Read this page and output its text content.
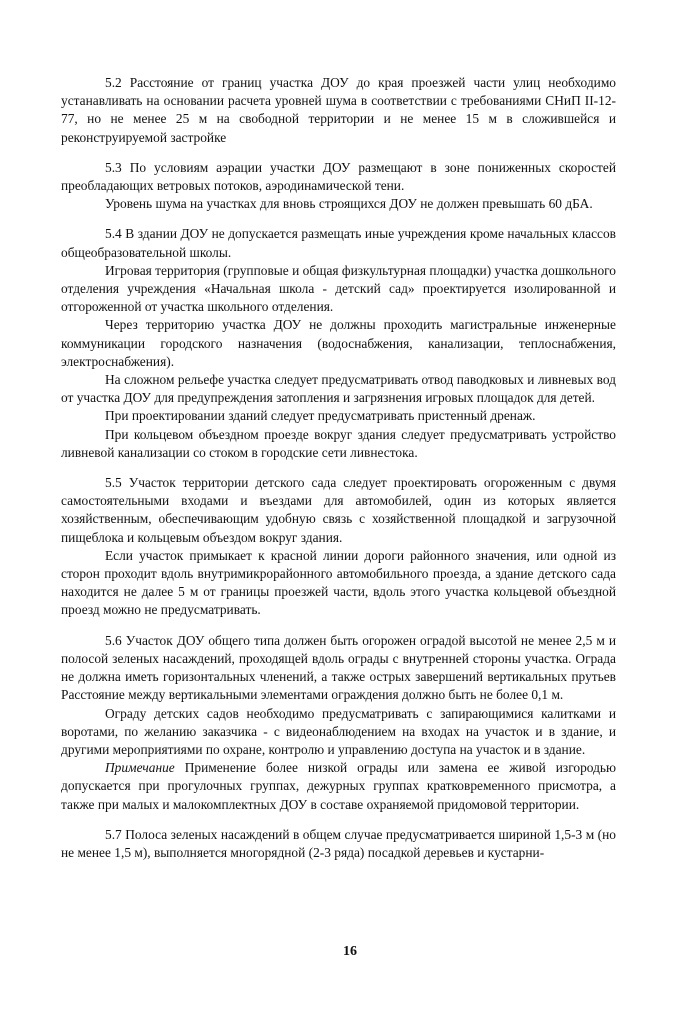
5.2 Расстояние от границ участка ДОУ до края проезжей части улиц необходимо устанавливать на основании расчета уровней шума в соответствии с требованиями СНиП II-12-77, но не менее 25 м на свободной территории и не менее 15 м в сложившейся и реконструируемой застройке

5.3 По условиям аэрации участки ДОУ размещают в зоне пониженных скоростей преобладающих ветровых потоков, аэродинамической тени.

Уровень шума на участках для вновь строящихся ДОУ не должен превышать 60 дБА.

5.4 В здании ДОУ не допускается размещать иные учреждения кроме начальных классов общеобразовательной школы.

Игровая территория (групповые и общая физкультурная площадки) участка дошкольного отделения учреждения «Начальная школа - детский сад» проектируется изолированной и отгороженной от участка школьного отделения.

Через территорию участка ДОУ не должны проходить магистральные инженерные коммуникации городского назначения (водоснабжения, канализации, теплоснабжения, электроснабжения).

На сложном рельефе участка следует предусматривать отвод паводковых и ливневых вод от участка ДОУ для предупреждения затопления и загрязнения игровых площадок для детей.

При проектировании зданий следует предусматривать пристенный дренаж.

При кольцевом объездном проезде вокруг здания следует предусматривать устройство ливневой канализации со стоком в городские сети ливнестока.

5.5 Участок территории детского сада следует проектировать огороженным с двумя самостоятельными входами и въездами для автомобилей, один из которых является хозяйственным, обеспечивающим удобную связь с хозяйственной площадкой и загрузочной пищеблока и кольцевым объездом вокруг здания.

Если участок примыкает к красной линии дороги районного значения, или одной из сторон проходит вдоль внутримикрорайонного автомобильного проезда, а здание детского сада находится не далее 5 м от границы проезжей части, вдоль этого участка кольцевой объездной проезд можно не предусматривать.

5.6 Участок ДОУ общего типа должен быть огорожен оградой высотой не менее 2,5 м и полосой зеленых насаждений, проходящей вдоль ограды с внутренней стороны участка. Ограда не должна иметь горизонтальных членений, а также острых завершений вертикальных прутьев Расстояние между вертикальными элементами ограждения должно быть не более 0,1 м.

Ограду детских садов необходимо предусматривать с запирающимися калитками и воротами, по желанию заказчика - с видеонаблюдением на входах на участок и в здание, и другими мероприятиями по охране, контролю и управлению доступа на участок и в здание.

Примечание Применение более низкой ограды или замена ее живой изгородью допускается при прогулочных группах, дежурных группах кратковременного присмотра, а также при малых и малокомплектных ДОУ в составе охраняемой придомовой территории.

5.7 Полоса зеленых насаждений в общем случае предусматривается шириной 1,5-3 м (но не менее 1,5 м), выполняется многорядной (2-3 ряда) посадкой деревьев и кустарни-

16
